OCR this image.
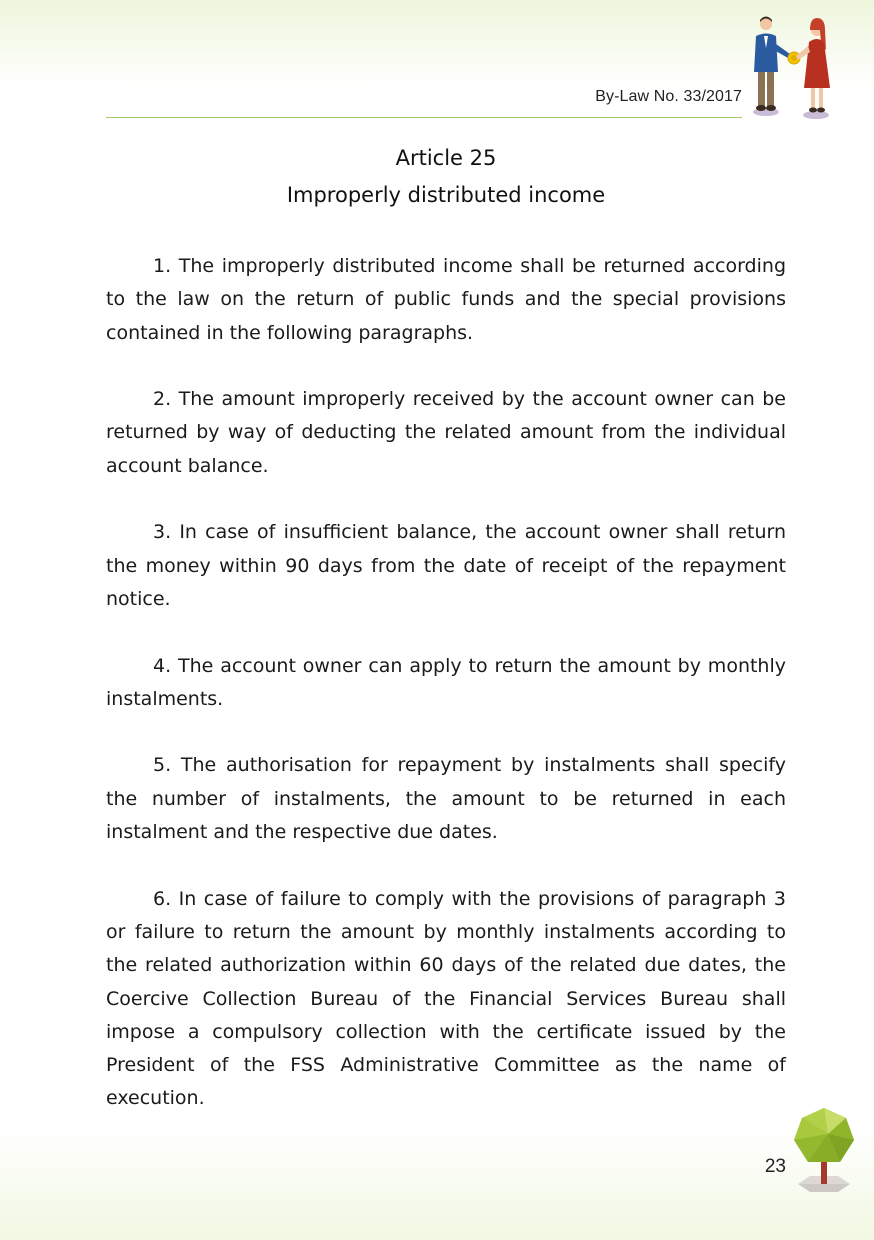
By-Law No. 33/2017
Article 25
Improperly distributed income

1. The improperly distributed income shall be returned according to the law on the return of public funds and the special provisions contained in the following paragraphs.

2. The amount improperly received by the account owner can be returned by way of deducting the related amount from the individual account balance.

3. In case of insufficient balance, the account owner shall return the money within 90 days from the date of receipt of the repayment notice.

4. The account owner can apply to return the amount by monthly instalments.

5. The authorisation for repayment by instalments shall specify the number of instalments, the amount to be returned in each instalment and the respective due dates.

6. In case of failure to comply with the provisions of paragraph 3 or failure to return the amount by monthly instalments according to the related authorization within 60 days of the related due dates, the Coercive Collection Bureau of the Financial Services Bureau shall impose a compulsory collection with the certificate issued by the President of the FSS Administrative Committee as the name of execution.

23
